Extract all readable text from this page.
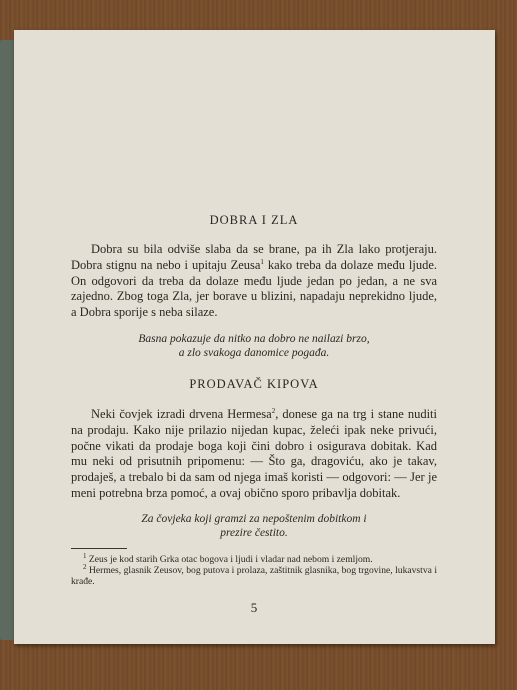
DOBRA I ZLA

Dobra su bila odviše slaba da se brane, pa ih Zla lako protjeraju. Dobra stignu na nebo i upitaju Zeusa$^1$ kako treba da dolaze među ljude. On odgovori da treba da dolaze među ljude jedan po jedan, a ne sva zajedno. Zbog toga Zla, jer borave u blizini, napadaju neprekidno ljude, a Dobra sporije s neba silaze.

Basna pokazuje da nitko na dobro ne nailazi brzo,
a zlo svakoga danomice pogađa.
PRODAVAČ KIPOVA

Neki čovjek izradi drvena Hermesa$^2$, donese ga na trg i stane nuditi na prodaju. Kako nije prilazio nijedan kupac, želeći ipak neke privući, počne vikati da prodaje boga koji čini dobro i osigurava dobitak. Kad mu neki od prisutnih pripomenu: — Što ga, dragoviću, ako je takav, prodaješ, a trebalo bi da sam od njega imaš koristi — odgovori: — Jer je meni potrebna brza pomoć, a ovaj obično sporo pribavlja dobitak.

Za čovjeka koji gramzi za nepoštenim dobitkom i
prezire čestito.

$^1$ Zeus je kod starih Grka otac bogova i ljudi i vladar nad nebom i zemljom.

$^2$ Hermes, glasnik Zeusov, bog putova i prolaza, zaštitnik glasnika, bog trgovine, lukavstva i krađe.

5
